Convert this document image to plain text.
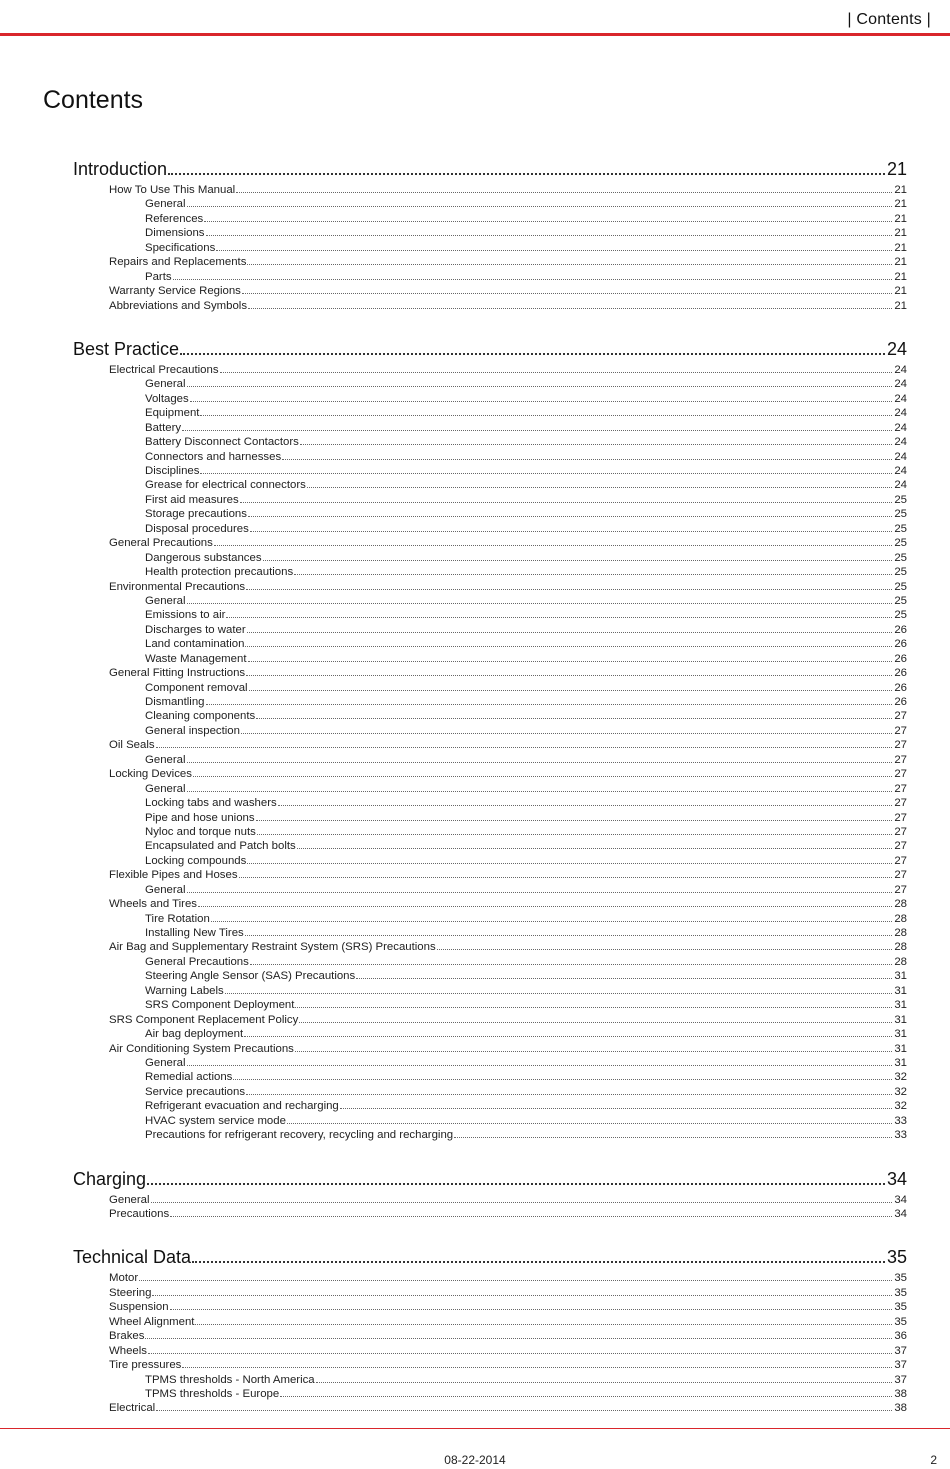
| Contents |
Contents
Introduction	21
How To Use This Manual	21
General	21
References	21
Dimensions	21
Specifications	21
Repairs and Replacements	21
Parts	21
Warranty Service Regions	21
Abbreviations and Symbols	21
Best Practice	24
Electrical Precautions	24
General	24
Voltages	24
Equipment	24
Battery	24
Battery Disconnect Contactors	24
Connectors and harnesses	24
Disciplines	24
Grease for electrical connectors	24
First aid measures	25
Storage precautions	25
Disposal procedures	25
General Precautions	25
Dangerous substances	25
Health protection precautions	25
Environmental Precautions	25
General	25
Emissions to air	25
Discharges to water	26
Land contamination	26
Waste Management	26
General Fitting Instructions	26
Component removal	26
Dismantling	26
Cleaning components	27
General inspection	27
Oil Seals	27
General	27
Locking Devices	27
General	27
Locking tabs and washers	27
Pipe and hose unions	27
Nyloc and torque nuts	27
Encapsulated and Patch bolts	27
Locking compounds	27
Flexible Pipes and Hoses	27
General	27
Wheels and Tires	28
Tire Rotation	28
Installing New Tires	28
Air Bag and Supplementary Restraint System (SRS) Precautions	28
General Precautions	28
Steering Angle Sensor (SAS) Precautions	31
Warning Labels	31
SRS Component Deployment	31
SRS Component Replacement Policy	31
Air bag deployment	31
Air Conditioning System Precautions	31
General	31
Remedial actions	32
Service precautions	32
Refrigerant evacuation and recharging	32
HVAC system service mode	33
Precautions for refrigerant recovery, recycling and recharging	33
Charging	34
General	34
Precautions	34
Technical Data	35
Motor	35
Steering	35
Suspension	35
Wheel Alignment	35
Brakes	36
Wheels	37
Tire pressures	37
TPMS thresholds - North America	37
TPMS thresholds - Europe	38
Electrical	38
08-22-2014	2
